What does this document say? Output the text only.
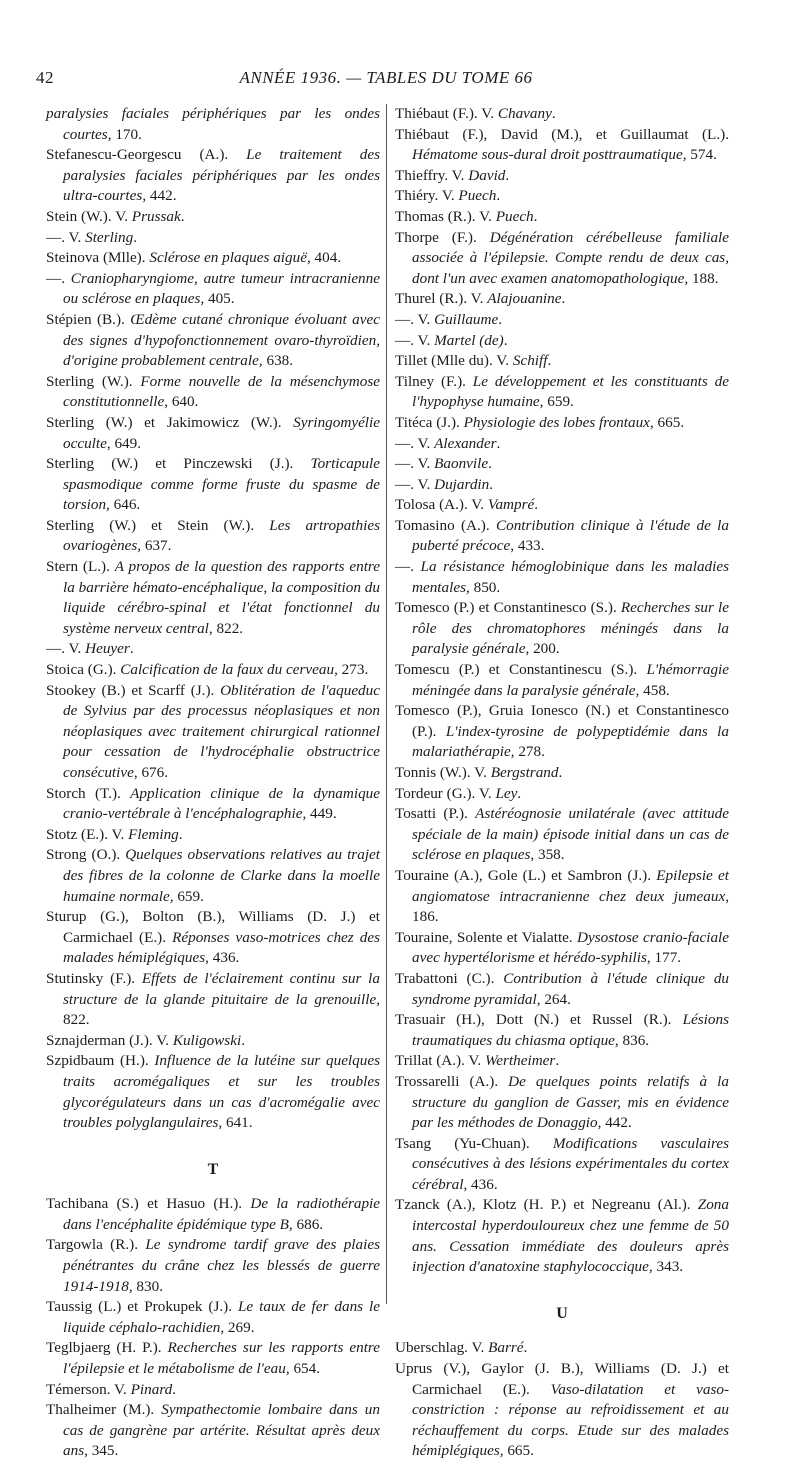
42	ANNÉE 1936. — TABLES DU TOME 66

paralysies faciales périphériques par les ondes courtes, 170.

Stefanescu-Georgescu (A.). Le traitement des paralysies faciales périphériques par les ondes ultra-courtes, 442.

Stein (W.). V. Prussak.

—. V. Sterling.

Steinova (Mlle). Sclérose en plaques aiguë, 404.

—. Craniopharyngiome, autre tumeur intracranienne ou sclérose en plaques, 405.

Stépien (B.). Œdème cutané chronique évoluant avec des signes d'hypofonctionnement ovaro-thyroïdien, d'origine probablement centrale, 638.

Sterling (W.). Forme nouvelle de la mésenchymose constitutionnelle, 640.

Sterling (W.) et Jakimowicz (W.). Syringomyélie occulte, 649.

Sterling (W.) et Pinczewski (J.). Torticapule spasmodique comme forme fruste du spasme de torsion, 646.

Sterling (W.) et Stein (W.). Les artropathies ovariogènes, 637.

Stern (L.). A propos de la question des rapports entre la barrière hémato-encéphalique, la composition du liquide cérébro-spinal et l'état fonctionnel du système nerveux central, 822.

—. V. Heuyer.

Stoica (G.). Calcification de la faux du cerveau, 273.

Stookey (B.) et Scarff (J.). Oblitération de l'aqueduc de Sylvius par des processus néoplasiques et non néoplasiques avec traitement chirurgical rationnel pour cessation de l'hydrocéphalie obstructrice consécutive, 676.

Storch (T.). Application clinique de la dynamique cranio-vertébrale à l'encéphalographie, 449.

Stotz (E.). V. Fleming.

Strong (O.). Quelques observations relatives au trajet des fibres de la colonne de Clarke dans la moelle humaine normale, 659.

Sturup (G.), Bolton (B.), Williams (D. J.) et Carmichael (E.). Réponses vaso-motrices chez des malades hémiplégiques, 436.

Stutinsky (F.). Effets de l'éclairement continu sur la structure de la glande pituitaire de la grenouille, 822.

Sznajderman (J.). V. Kuligowski.

Szpidbaum (H.). Influence de la lutéine sur quelques traits acromégaliques et sur les troubles glycorégulateurs dans un cas d'acromégalie avec troubles polyglangulaires, 641.

T

Tachibana (S.) et Hasuo (H.). De la radiothérapie dans l'encéphalite épidémique type B, 686.

Targowla (R.). Le syndrome tardif grave des plaies pénétrantes du crâne chez les blessés de guerre 1914-1918, 830.

Taussig (L.) et Prokupek (J.). Le taux de fer dans le liquide céphalo-rachidien, 269.

Teglbjaerg (H. P.). Recherches sur les rapports entre l'épilepsie et le métabolisme de l'eau, 654.

Témerson. V. Pinard.

Thalheimer (M.). Sympathectomie lombaire dans un cas de gangrène par artérite. Résultat après deux ans, 345.

Thiébaut (F.). V. Chavany.

Thiébaut (F.), David (M.), et Guillaumat (L.). Hématome sous-dural droit posttraumatique, 574.

Thieffry. V. David.

Thiéry. V. Puech.

Thomas (R.). V. Puech.

Thorpe (F.). Dégénération cérébelleuse familiale associée à l'épilepsie. Compte rendu de deux cas, dont l'un avec examen anatomopathologique, 188.

Thurel (R.). V. Alajouanine.

—. V. Guillaume.

—. V. Martel (de).

Tillet (Mlle du). V. Schiff.

Tilney (F.). Le développement et les constituants de l'hypophyse humaine, 659.

Titéca (J.). Physiologie des lobes frontaux, 665.

—. V. Alexander.

—. V. Baonvile.

—. V. Dujardin.

Tolosa (A.). V. Vampré.

Tomasino (A.). Contribution clinique à l'étude de la puberté précoce, 433.

—. La résistance hémoglobinique dans les maladies mentales, 850.

Tomesco (P.) et Constantinesco (S.). Recherches sur le rôle des chromatophores méningés dans la paralysie générale, 200.

Tomescu (P.) et Constantinescu (S.). L'hémorragie méningée dans la paralysie générale, 458.

Tomesco (P.), Gruia Ionesco (N.) et Constantinesco (P.). L'index-tyrosine de polypeptidémie dans la malariathérapie, 278.

Tonnis (W.). V. Bergstrand.

Tordeur (G.). V. Ley.

Tosatti (P.). Astéréognosie unilatérale (avec attitude spéciale de la main) épisode initial dans un cas de sclérose en plaques, 358.

Touraine (A.), Gole (L.) et Sambron (J.). Epilepsie et angiomatose intracranienne chez deux jumeaux, 186.

Touraine, Solente et Vialatte. Dysostose cranio-faciale avec hypertélorisme et hérédo-syphilis, 177.

Trabattoni (C.). Contribution à l'étude clinique du syndrome pyramidal, 264.

Trasuair (H.), Dott (N.) et Russel (R.). Lésions traumatiques du chiasma optique, 836.

Trillat (A.). V. Wertheimer.

Trossarelli (A.). De quelques points relatifs à la structure du ganglion de Gasser, mis en évidence par les méthodes de Donaggio, 442.

Tsang (Yu-Chuan). Modifications vasculaires consécutives à des lésions expérimentales du cortex cérébral, 436.

Tzanck (A.), Klotz (H. P.) et Negreanu (Al.). Zona intercostal hyperdouloureux chez une femme de 50 ans. Cessation immédiate des douleurs après injection d'anatoxine staphylococcique, 343.

U

Uberschlag. V. Barré.

Uprus (V.), Gaylor (J. B.), Williams (D. J.) et Carmichael (E.). Vaso-dilatation et vaso-constriction : réponse au refroidissement et au réchauffement du corps. Etude sur des malades hémiplégiques, 665.
